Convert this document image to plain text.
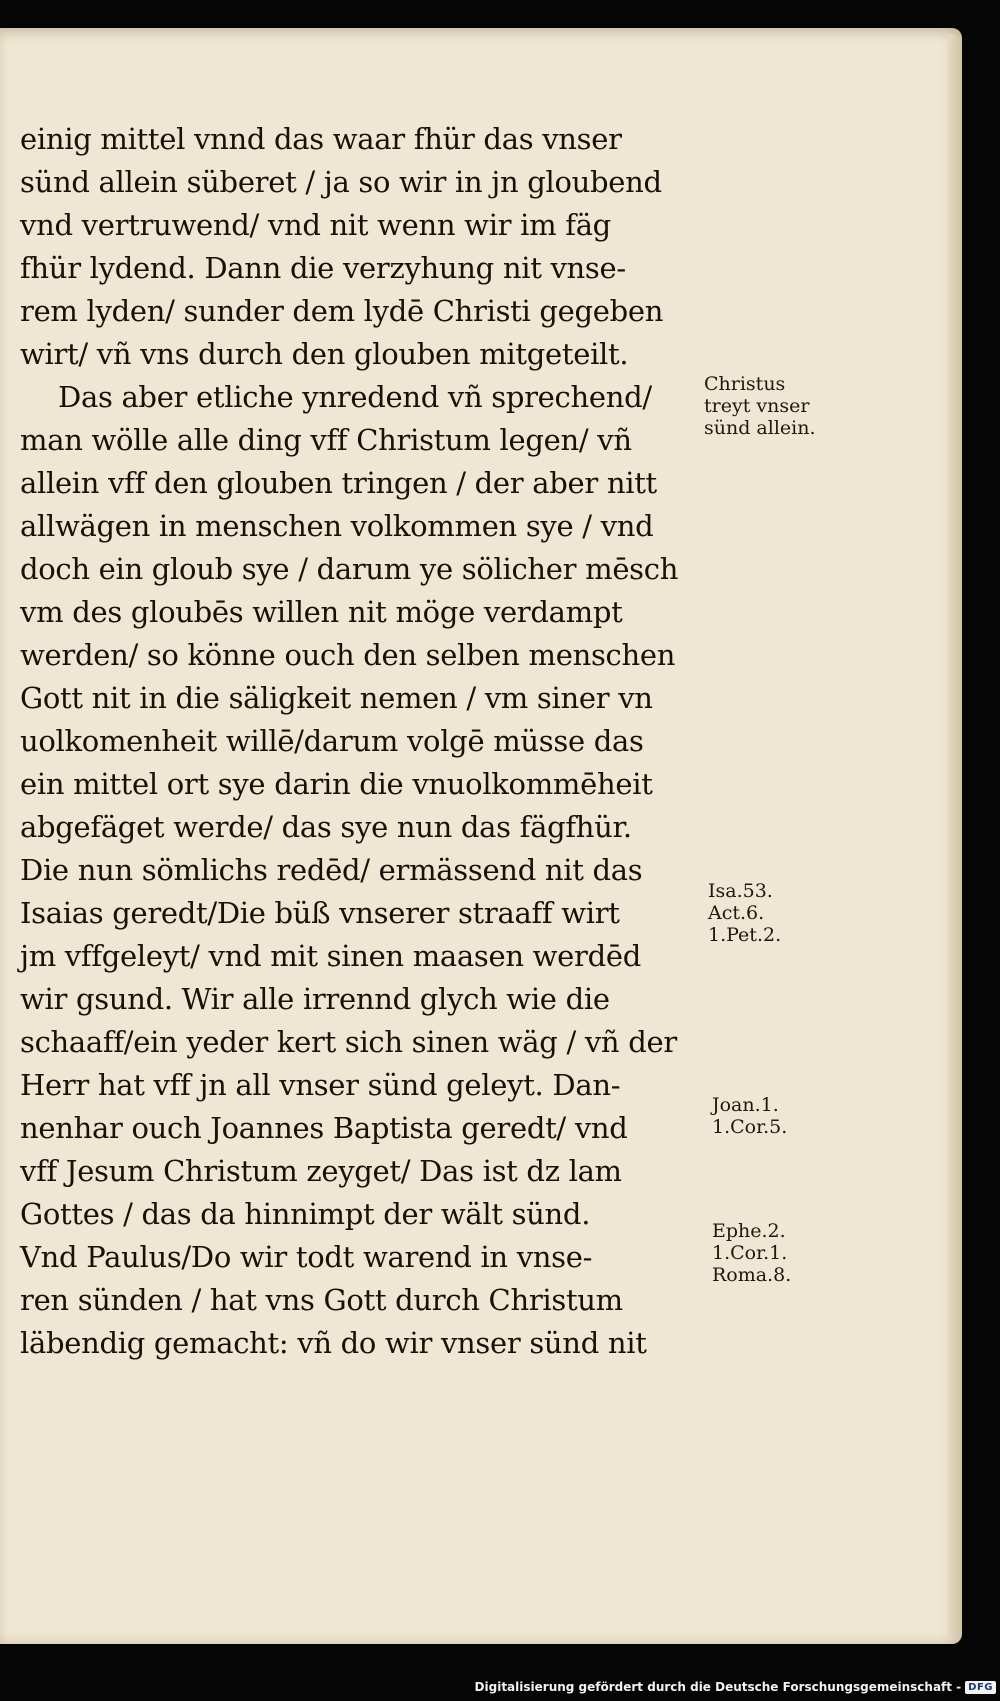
einig mittel vnnd das waar fhür das vnser
sünd allein süberet / ja so wir in jn gloubend
vnd vertruwend/ vnd nit wenn wir im fäg
fhür lydend. Dann die verzyhung nit vnse-
rem lyden/ sunder dem lydē Christi gegeben
wirt/ vñ vns durch den glouben mitgeteilt.
Das aber etliche ynredend vñ sprechend/
man wölle alle ding vff Christum legen/ vñ
allein vff den glouben tringen / der aber nitt
allwägen in menschen volkommen sye / vnd
doch ein gloub sye / darum ye sölicher mēsch
vm des gloubēs willen nit möge verdampt
werden/ so könne ouch den selben menschen
Gott nit in die säligkeit nemen / vm siner vn
uolkomenheit willē/darum volgē müsse das
ein mittel ort sye darin die vnuolkommēheit
abgefäget werde/ das sye nun das fägfhür.
Die nun sömlichs redēd/ ermässend nit das
Isaias geredt/Die büß vnserer straaff wirt
jm vffgeleyt/ vnd mit sinen maasen werdēd
wir gsund. Wir alle irrennd glych wie die
schaaff/ein yeder kert sich sinen wäg / vñ der
Herr hat vff jn all vnser sünd geleyt. Dan-
nenhar ouch Joannes Baptista geredt/ vnd
vff Jesum Christum zeyget/ Das ist dz lam
Gottes / das da hinnimpt der wält sünd.
Vnd Paulus/Do wir todt warend in vnse-
ren sünden / hat vns Gott durch Christum
läbendig gemacht: vñ do wir vnser sünd nit
Christus
treyt vnser
sünd allein.
Isa.53.
Act.6.
1.Pet.2.
Joan.1.
1.Cor.5.
Ephe.2.
1.Cor.1.
Roma.8.
Digitalisierung gefördert durch die Deutsche Forschungsgemeinschaft - DFG
